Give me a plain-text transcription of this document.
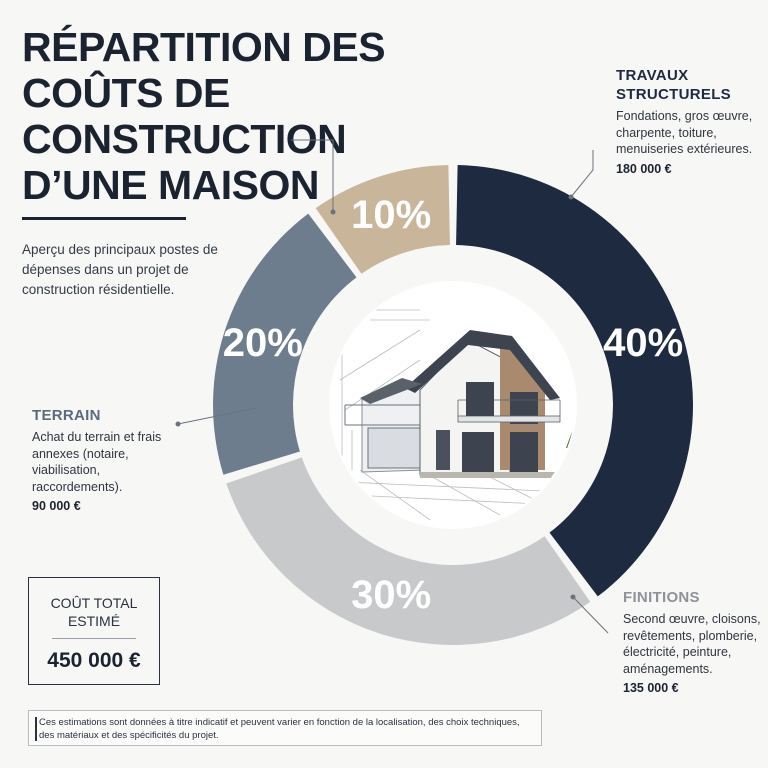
RÉPARTITION DES
COÛTS DE
CONSTRUCTION
D’UNE MAISON

Aperçu des principaux postes de dépenses dans un projet de construction résidentielle.

40%
30%
20%
10%
TERRAIN
Achat du terrain et frais annexes (notaire, viabilisation, raccordements).
90 000 €
TRAVAUX STRUCTURELS
Fondations, gros œuvre, charpente, toiture, menuiseries extérieures.
180 000 €
FINITIONS
Second œuvre, cloisons, revêtements, plomberie, électricité, peinture, aménagements.
135 000 €
COÛT TOTAL ESTIMÉ
450 000 €

Ces estimations sont données à titre indicatif et peuvent varier en fonction de la localisation, des choix techniques, des matériaux et des spécificités du projet.
